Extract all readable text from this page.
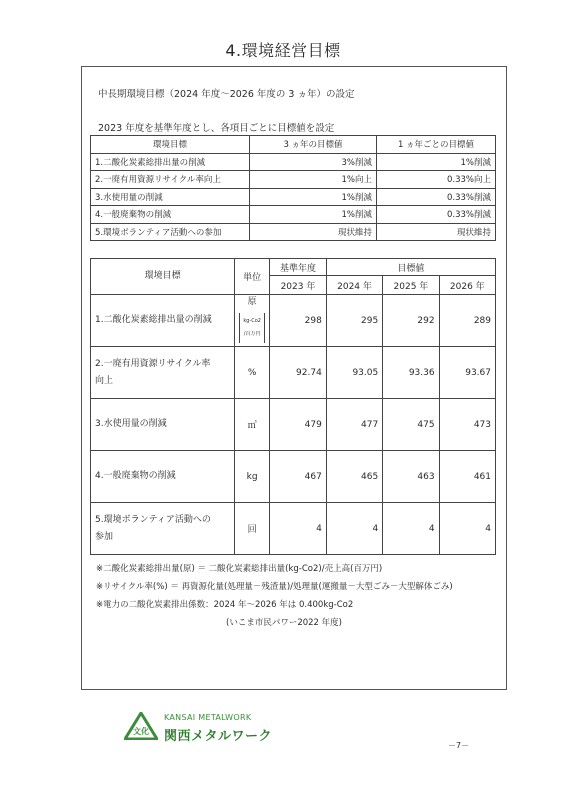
4.環境経営目標
中長期環境目標（2024 年度～2026 年度の 3 ヵ年）の設定
2023 年度を基準年度とし、各項目ごとに目標値を設定
環境目標	3 ヵ年の目標値	1 ヵ年ごとの目標値
1.二酸化炭素総排出量の削減	3%削減	1%削減
2.一廃有用資源リサイクル率向上	1%向上	0.33%向上
3.水使用量の削減	1%削減	0.33%削減
4.一般廃棄物の削減	1%削減	0.33%削減
5.環境ボランティア活動への参加	現状維持	現状維持
環境目標	単位	基準年度	目標値		
		2023 年	2024 年	2025 年	2026 年

1.二酸化炭素総排出量の削減	原
kg-Co2
/百万円	298	295	292	289

2.一廃有用資源リサイクル率
向上	%	92.74	93.05	93.36	93.67

3.水使用量の削減	㎥	479	477	475	473

4.一般廃棄物の削減	kg	467	465	463	461

5.環境ボランティア活動への
参加	回	4	4	4	4
※二酸化炭素総排出量(原) ＝ 二酸化炭素総排出量(kg-Co2)/売上高(百万円)
※リサイクル率(%) ＝ 再資源化量(処理量－残渣量)/処理量(運搬量－大型ごみ－大型解体ごみ)
※電力の二酸化炭素排出係数：2024 年～2026 年は 0.400kg-Co2
(いこま市民パワー2022 年度)
文化
KANSAI METALWORK
関西メタルワーク
－7－
